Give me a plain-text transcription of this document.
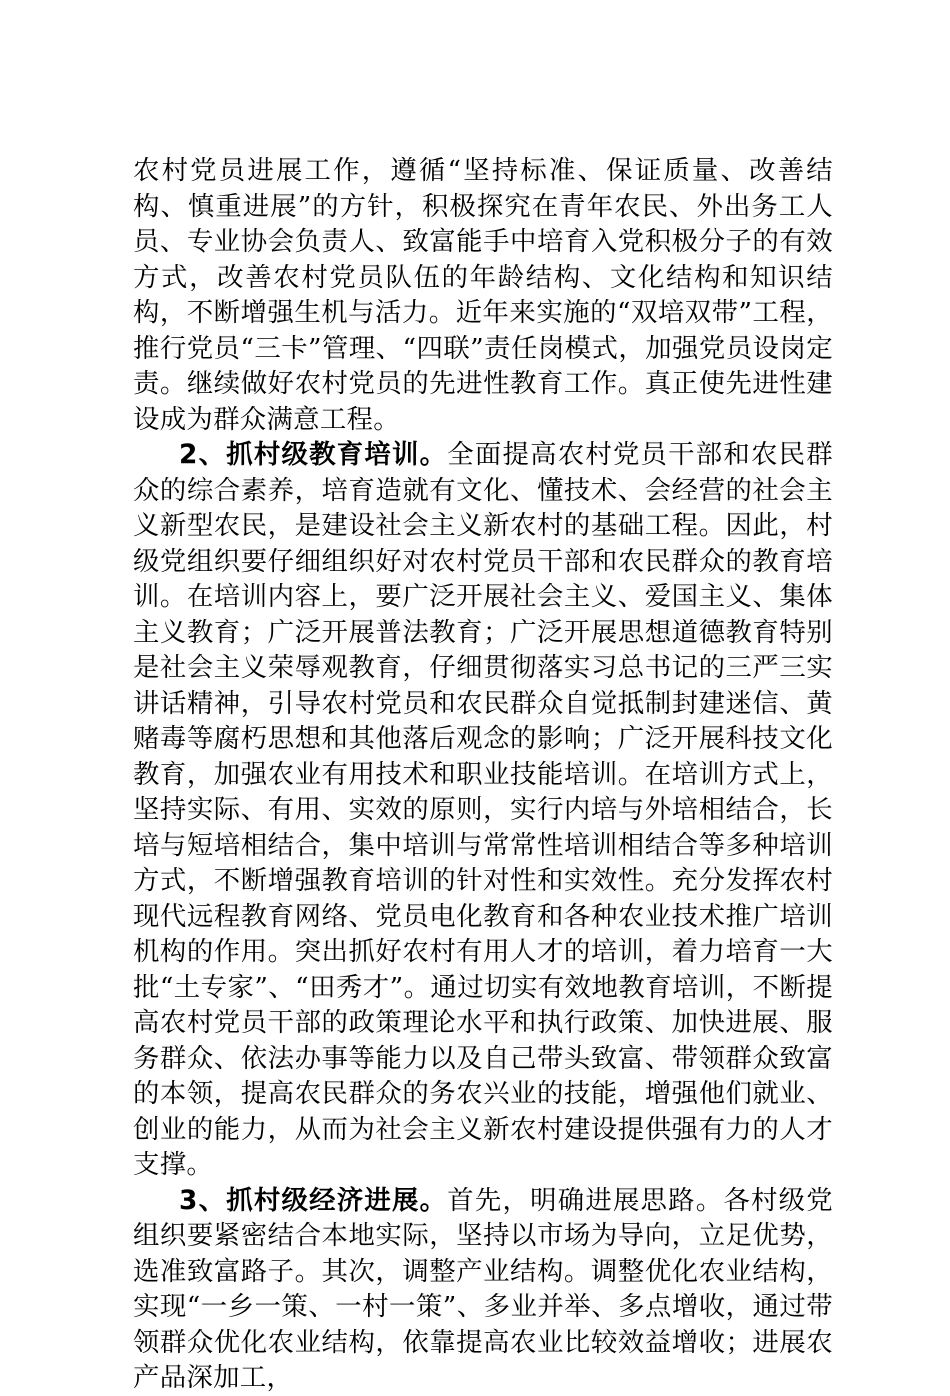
农村党员进展工作，遵循“坚持标准、保证质量、改善结构、慎重进展”的方针，积极探究在青年农民、外出务工人员、专业协会负责人、致富能手中培育入党积极分子的有效方式，改善农村党员队伍的年龄结构、文化结构和知识结构，不断增强生机与活力。近年来实施的“双培双带”工程，推行党员“三卡”管理、“四联”责任岗模式，加强党员设岗定责。继续做好农村党员的先进性教育工作。真正使先进性建设成为群众满意工程。

2、抓村级教育培训。全面提高农村党员干部和农民群众的综合素养，培育造就有文化、懂技术、会经营的社会主义新型农民，是建设社会主义新农村的基础工程。因此，村级党组织要仔细组织好对农村党员干部和农民群众的教育培训。在培训内容上，要广泛开展社会主义、爱国主义、集体主义教育；广泛开展普法教育；广泛开展思想道德教育特别是社会主义荣辱观教育，仔细贯彻落实习总书记的三严三实讲话精神，引导农村党员和农民群众自觉抵制封建迷信、黄赌毒等腐朽思想和其他落后观念的影响；广泛开展科技文化教育，加强农业有用技术和职业技能培训。在培训方式上，坚持实际、有用、实效的原则，实行内培与外培相结合，长培与短培相结合，集中培训与常常性培训相结合等多种培训方式，不断增强教育培训的针对性和实效性。充分发挥农村现代远程教育网络、党员电化教育和各种农业技术推广培训机构的作用。突出抓好农村有用人才的培训，着力培育一大批“土专家”、“田秀才”。通过切实有效地教育培训，不断提高农村党员干部的政策理论水平和执行政策、加快进展、服务群众、依法办事等能力以及自己带头致富、带领群众致富的本领，提高农民群众的务农兴业的技能，增强他们就业、创业的能力，从而为社会主义新农村建设提供强有力的人才支撑。

3、抓村级经济进展。首先，明确进展思路。各村级党组织要紧密结合本地实际，坚持以市场为导向，立足优势，选准致富路子。其次，调整产业结构。调整优化农业结构，实现“一乡一策、一村一策”、多业并举、多点增收，通过带领群众优化农业结构，依靠提高农业比较效益增收；进展农产品深加工，
